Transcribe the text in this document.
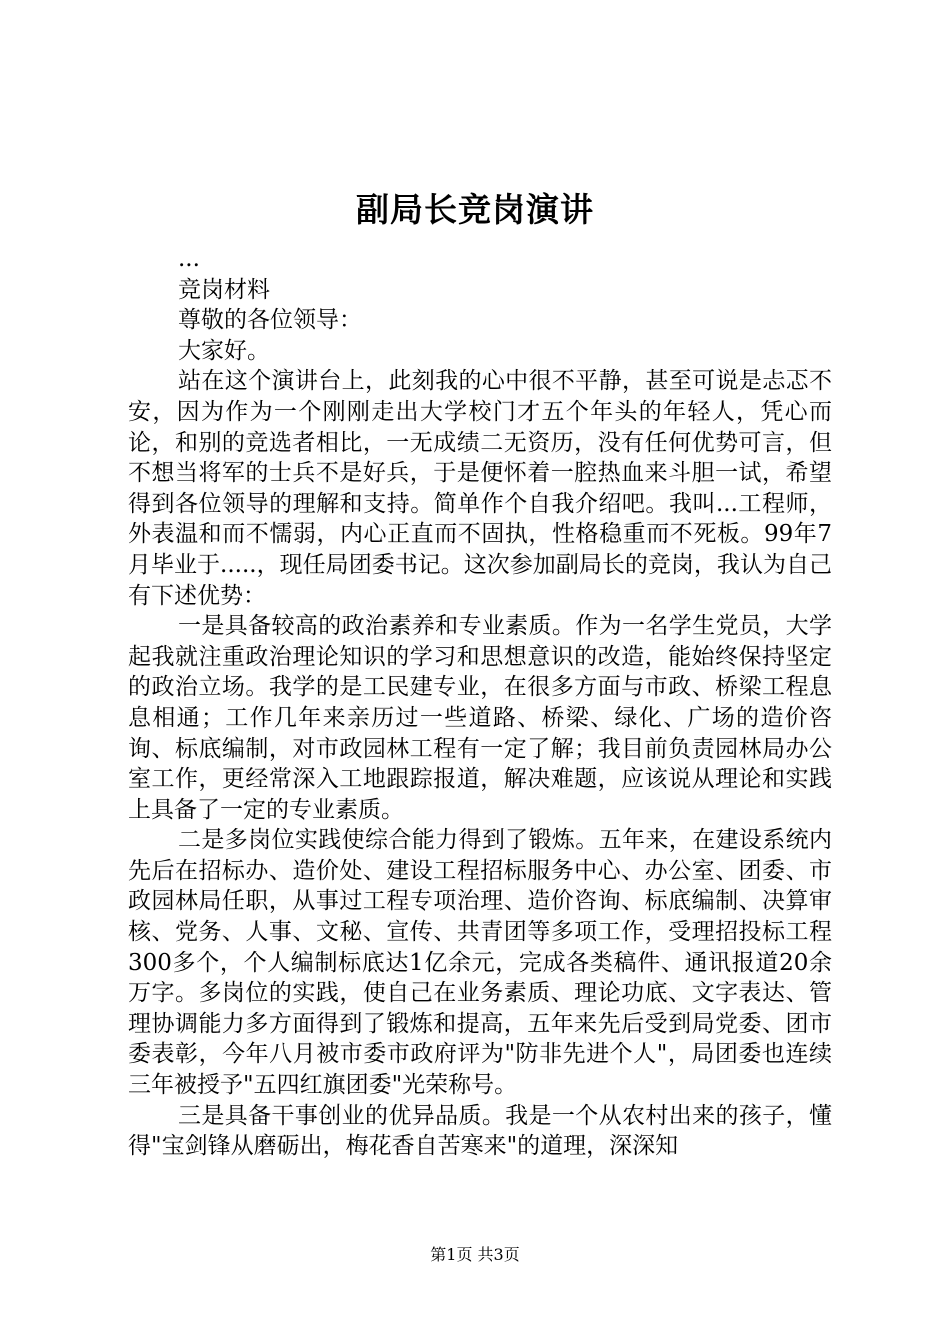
副局长竞岗演讲

...

竞岗材料

尊敬的各位领导：

大家好。

站在这个演讲台上，此刻我的心中很不平静，甚至可说是忐忑不安，因为作为一个刚刚走出大学校门才五个年头的年轻人，凭心而论，和别的竞选者相比，一无成绩二无资历，没有任何优势可言，但不想当将军的士兵不是好兵，于是便怀着一腔热血来斗胆一试，希望得到各位领导的理解和支持。简单作个自我介绍吧。我叫...工程师，外表温和而不懦弱，内心正直而不固执，性格稳重而不死板。99年7月毕业于.....，现任局团委书记。这次参加副局长的竞岗，我认为自己有下述优势：

一是具备较高的政治素养和专业素质。作为一名学生党员，大学起我就注重政治理论知识的学习和思想意识的改造，能始终保持坚定的政治立场。我学的是工民建专业，在很多方面与市政、桥梁工程息息相通；工作几年来亲历过一些道路、桥梁、绿化、广场的造价咨询、标底编制，对市政园林工程有一定了解；我目前负责园林局办公室工作，更经常深入工地跟踪报道，解决难题，应该说从理论和实践上具备了一定的专业素质。

二是多岗位实践使综合能力得到了锻炼。五年来，在建设系统内先后在招标办、造价处、建设工程招标服务中心、办公室、团委、市政园林局任职，从事过工程专项治理、造价咨询、标底编制、决算审核、党务、人事、文秘、宣传、共青团等多项工作，受理招投标工程300多个，个人编制标底达1亿余元，完成各类稿件、通讯报道20余万字。多岗位的实践，使自己在业务素质、理论功底、文字表达、管理协调能力多方面得到了锻炼和提高，五年来先后受到局党委、团市委表彰，今年八月被市委市政府评为"防非先进个人"，局团委也连续三年被授予"五四红旗团委"光荣称号。

三是具备干事创业的优异品质。我是一个从农村出来的孩子，懂得"宝剑锋从磨砺出，梅花香自苦寒来"的道理，深深知

第1页 共3页
